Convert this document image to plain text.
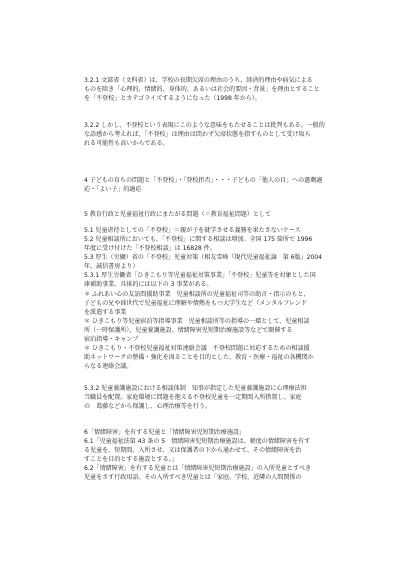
3.2.1 文部省（文科省）は、学校の長期欠席の理由のうち、経済的理由や病気による
ものを除き「心理的、情緒的、身体的、あるいは社会的要因・背景」を理由とすること
を「不登校」とカテゴライズするようになった（1998 年から）。
3.2.2 しかし、不登校という表現にこのような意味をもたせることは批判もある。一般的
な語感から考えれば、「不登校」は理由は問わず欠席状態を指すものとして受け取ら
れる可能性も高いからである。
4 子どもの育ちの問題と「不登校」・「登校拒否」・・・子どもの「他人の目」への過剰適
応・「よい子」的適応
5 教育行政と児童福祉行政にまたがる問題（＝教育福祉問題）として
5.1 児童虐待としての「不登校」＝親が子を就学させる義務を果たさないケース
5.2 児童相談所においても、「不登校」に関する相談は増加。全国 175 箇所で 1996
年度に受け付けた「不登校相談」は 16828 件。
5.3 厚生（労働）省の「不登校」児童対策（相友雪峰『現代児童福祉論　第 6版』2004
年、誠信書房より）
5.3.1 厚生労働省「ひきこもり等児童福祉対策事業」「不登校」児童等を対象とした国
庫補助事業。具体的には以下の 3 事業がある。
＊ ふれあい心の友訪問援助事業　児童相談所の児童福祉司等の助言・指示のもと、
子どもの兄や姉世代で児童福祉に理解や情熱をもつ大学生など（メンタルフレンド
を派遣する事業
＊ ひきこもり等児童宿泊等指導事業　児童相談所等の指導の一環として、児童相談
所（一時保護所）、児童養護施設、情緒障害児短期治療施設等などで開催する
宿泊指導・キャンプ
＊ ひきこもり・不登校児童福祉対策連絡会議　不登校問題に対応するための相談援
助ネットワークの整備・強化を図ることを目的とした、教育・医療・福祉の各機関か
らなる連絡会議。
5.3.2 児童養護施設における相談体制　知事が指定した児童養護施設に心理療法担
当職員を配置。家庭環境に問題を抱える不登校児童を一定期間入所措置し、家庭
の　葛藤などから保護し、心理治療等を行う。
6「情緒障害」を有する児童と「情緒障害児短期治療施設」
6.1「児童福祉法第 43 条の 5　情緒障害児短期治療施設は、軽度の情緒障害を有す
る児童を、短期間、入所させ、又は保護者の下から通わせて、その情緒障害を治
すことを目的とする施設とする。」
6.2「情緒障害」を有する児童とは「情緒障害児短期治療施設」の入所児童とすべき
児童をさす行政用語。その入所すべき児童とは「家庭、学校、近隣の人間関係の
